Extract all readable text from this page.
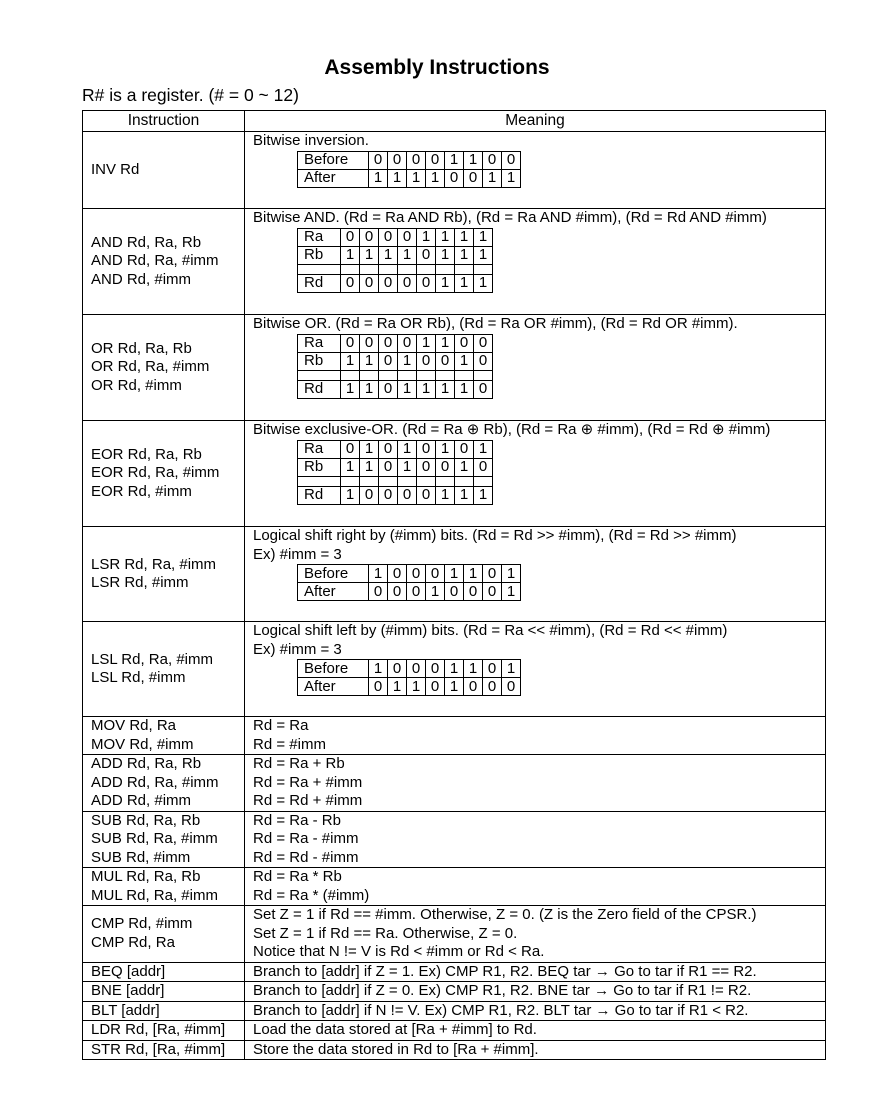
Assembly Instructions
R# is a register. (# = 0 ~ 12)
Instruction	Meaning

INV Rd

Bitwise inversion.
Before	0	0	0	0	1	1	0	0
After	1	1	1	1	0	0	1	1

AND Rd, Ra, Rb
AND Rd, Ra, #imm
AND Rd, #imm

Bitwise AND. (Rd = Ra AND Rb), (Rd = Ra AND #imm), (Rd = Rd AND #imm)
Ra	0	0	0	0	1	1	1	1
Rb	1	1	1	1	0	1	1	1

Rd	0	0	0	0	0	1	1	1

OR Rd, Ra, Rb
OR Rd, Ra, #imm
OR Rd, #imm

Bitwise OR. (Rd = Ra OR Rb), (Rd = Ra OR #imm), (Rd = Rd OR #imm).
Ra	0	0	0	0	1	1	0	0
Rb	1	1	0	1	0	0	1	0

Rd	1	1	0	1	1	1	1	0

EOR Rd, Ra, Rb
EOR Rd, Ra, #imm
EOR Rd, #imm

Bitwise exclusive-OR. (Rd = Ra ⊕ Rb), (Rd = Ra ⊕ #imm), (Rd = Rd ⊕ #imm)
Ra	0	1	0	1	0	1	0	1
Rb	1	1	0	1	0	0	1	0

Rd	1	0	0	0	0	1	1	1

LSR Rd, Ra, #imm
LSR Rd, #imm

Logical shift right by (#imm) bits. (Rd = Rd >> #imm), (Rd = Rd >> #imm)
Ex) #imm = 3
Before	1	0	0	0	1	1	0	1
After	0	0	0	1	0	0	0	1

LSL Rd, Ra, #imm
LSL Rd, #imm

Logical shift left by (#imm) bits. (Rd = Ra << #imm), (Rd = Rd << #imm)
Ex) #imm = 3
Before	1	0	0	0	1	1	0	1
After	0	1	1	0	1	0	0	0

MOV Rd, Ra
MOV Rd, #imm

Rd = Ra
Rd = #imm

ADD Rd, Ra, Rb
ADD Rd, Ra, #imm
ADD Rd, #imm

Rd = Ra + Rb
Rd = Ra + #imm
Rd = Rd + #imm

SUB Rd, Ra, Rb
SUB Rd, Ra, #imm
SUB Rd, #imm

Rd = Ra - Rb
Rd = Ra - #imm
Rd = Rd - #imm

MUL Rd, Ra, Rb
MUL Rd, Ra, #imm

Rd = Ra * Rb
Rd = Ra * (#imm)

CMP Rd, #imm
CMP Rd, Ra

Set Z = 1 if Rd == #imm. Otherwise, Z = 0. (Z is the Zero field of the CPSR.)
Set Z = 1 if Rd == Ra. Otherwise, Z = 0.
Notice that N != V is Rd < #imm or Rd < Ra.

BEQ [addr]	Branch to [addr] if Z = 1. Ex) CMP R1, R2. BEQ tar → Go to tar if R1 == R2.

BNE [addr]	Branch to [addr] if Z = 0. Ex) CMP R1, R2. BNE tar → Go to tar if R1 != R2.

BLT [addr]	Branch to [addr] if N != V. Ex) CMP R1, R2. BLT tar → Go to tar if R1 < R2.

LDR Rd, [Ra, #imm]	Load the data stored at [Ra + #imm] to Rd.

STR Rd, [Ra, #imm]	Store the data stored in Rd to [Ra + #imm].
